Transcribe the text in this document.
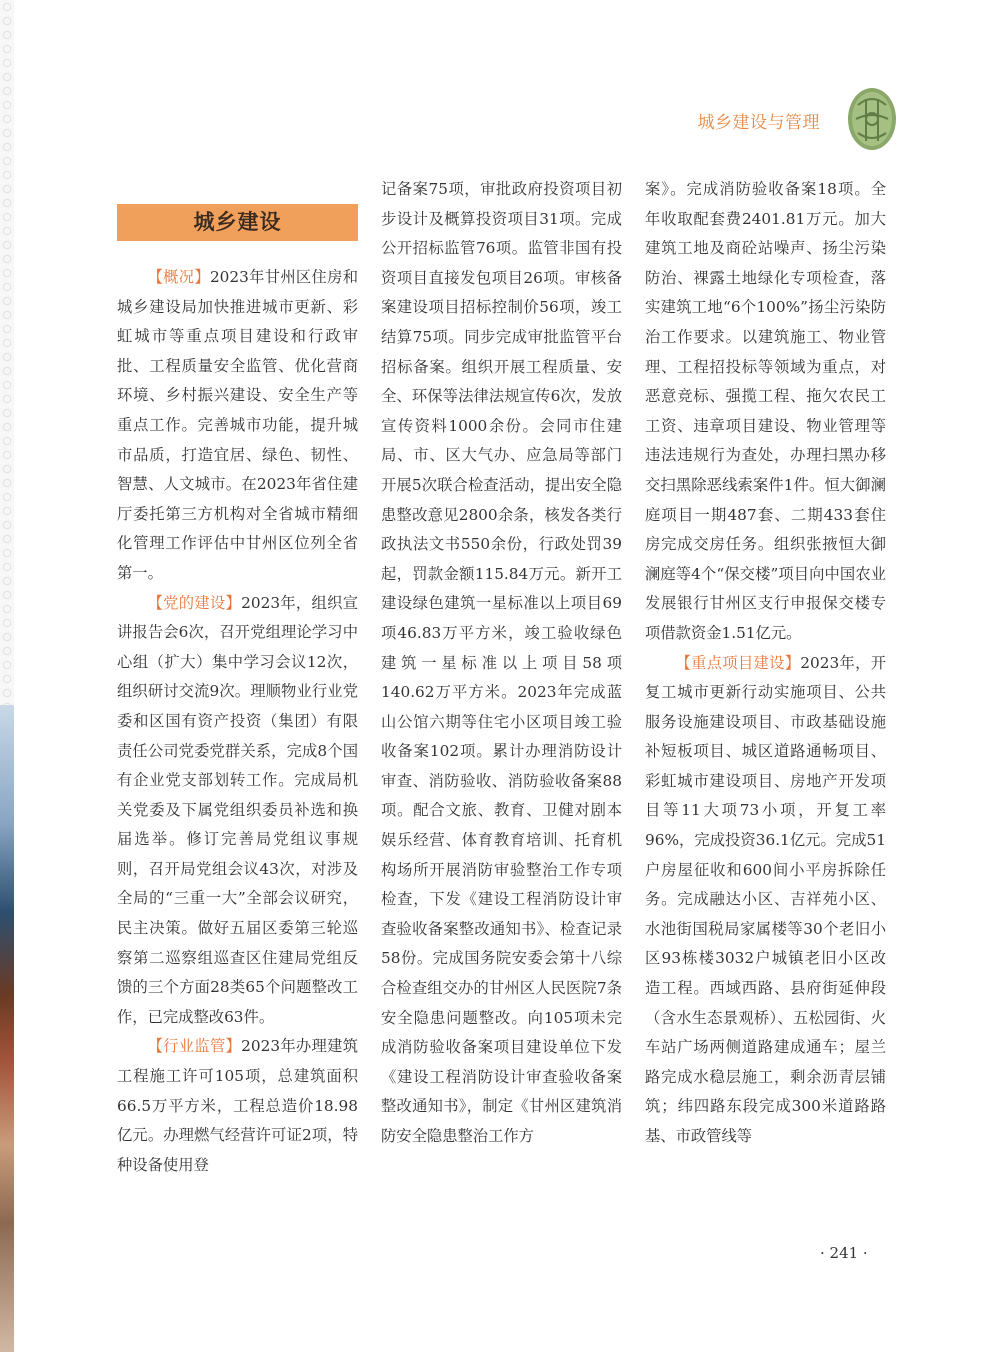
城乡建设与管理
城乡建设

【概况】2023年甘州区住房和城乡建设局加快推进城市更新、彩虹城市等重点项目建设和行政审批、工程质量安全监管、优化营商环境、乡村振兴建设、安全生产等重点工作。完善城市功能，提升城市品质，打造宜居、绿色、韧性、智慧、人文城市。在2023年省住建厅委托第三方机构对全省城市精细化管理工作评估中甘州区位列全省第一。

【党的建设】2023年，组织宣讲报告会6次，召开党组理论学习中心组（扩大）集中学习会议12次，组织研讨交流9次。理顺物业行业党委和区国有资产投资（集团）有限责任公司党委党群关系，完成8个国有企业党支部划转工作。完成局机关党委及下属党组织委员补选和换届选举。修订完善局党组议事规则，召开局党组会议43次，对涉及全局的“三重一大”全部会议研究，民主决策。做好五届区委第三轮巡察第二巡察组巡查区住建局党组反馈的三个方面28类65个问题整改工作，已完成整改63件。

【行业监管】2023年办理建筑工程施工许可105项，总建筑面积66.5万平方米，工程总造价18.98亿元。办理燃气经营许可证2项，特种设备使用登

记备案75项，审批政府投资项目初步设计及概算投资项目31项。完成公开招标监管76项。监管非国有投资项目直接发包项目26项。审核备案建设项目招标控制价56项，竣工结算75项。同步完成审批监管平台招标备案。组织开展工程质量、安全、环保等法律法规宣传6次，发放宣传资料1000余份。会同市住建局、市、区大气办、应急局等部门开展5次联合检查活动，提出安全隐患整改意见2800余条，核发各类行政执法文书550余份，行政处罚39起，罚款金额115.84万元。新开工建设绿色建筑一星标准以上项目69项46.83万平方米，竣工验收绿色建筑一星标准以上项目58项140.62万平方米。2023年完成蓝山公馆六期等住宅小区项目竣工验收备案102项。累计办理消防设计审查、消防验收、消防验收备案88项。配合文旅、教育、卫健对剧本娱乐经营、体育教育培训、托育机构场所开展消防审验整治工作专项检查，下发《建设工程消防设计审查验收备案整改通知书》、检查记录58份。完成国务院安委会第十八综合检查组交办的甘州区人民医院7条安全隐患问题整改。向105项未完成消防验收备案项目建设单位下发《建设工程消防设计审查验收备案整改通知书》，制定《甘州区建筑消防安全隐患整治工作方

案》。完成消防验收备案18项。全年收取配套费2401.81万元。加大建筑工地及商砼站噪声、扬尘污染防治、裸露土地绿化专项检查，落实建筑工地“6个100%”扬尘污染防治工作要求。以建筑施工、物业管理、工程招投标等领域为重点，对恶意竞标、强揽工程、拖欠农民工工资、违章项目建设、物业管理等违法违规行为查处，办理扫黑办移交扫黑除恶线索案件1件。恒大御澜庭项目一期487套、二期433套住房完成交房任务。组织张掖恒大御澜庭等4个“保交楼”项目向中国农业发展银行甘州区支行申报保交楼专项借款资金1.51亿元。

【重点项目建设】2023年，开复工城市更新行动实施项目、公共服务设施建设项目、市政基础设施补短板项目、城区道路通畅项目、彩虹城市建设项目、房地产开发项目等11大项73小项，开复工率96%，完成投资36.1亿元。完成51户房屋征收和600间小平房拆除任务。完成融达小区、吉祥苑小区、水池街国税局家属楼等30个老旧小区93栋楼3032户城镇老旧小区改造工程。西域西路、县府街延伸段（含水生态景观桥）、五松园街、火车站广场两侧道路建成通车；屋兰路完成水稳层施工，剩余沥青层铺筑；纬四路东段完成300米道路路基、市政管线等

· 241 ·
